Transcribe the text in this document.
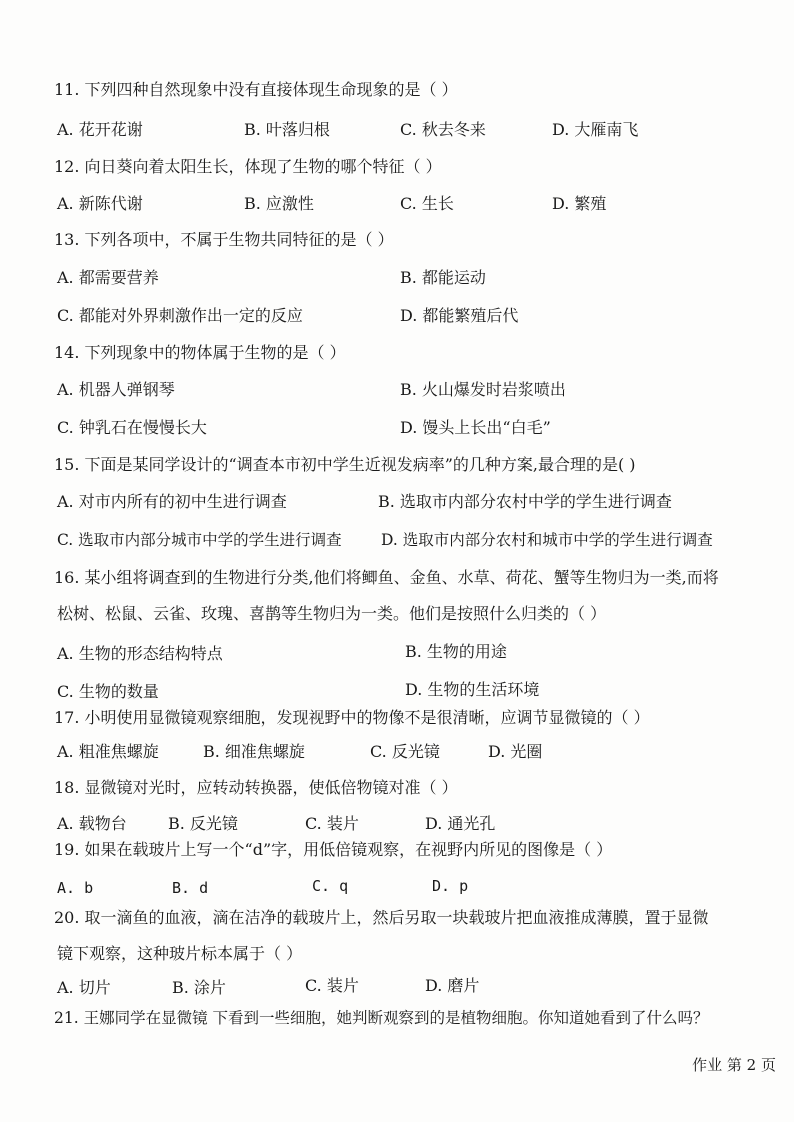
11. 下列四种自然现象中没有直接体现生命现象的是（ ）
A. 花开花谢	B. 叶落归根	C. 秋去冬来	D. 大雁南飞
12. 向日葵向着太阳生长，体现了生物的哪个特征（ ）
A. 新陈代谢	B. 应激性	C. 生长	D. 繁殖
13. 下列各项中，不属于生物共同特征的是（ ）
A. 都需要营养	B. 都能运动
C. 都能对外界刺激作出一定的反应	D. 都能繁殖后代
14. 下列现象中的物体属于生物的是（ ）
A. 机器人弹钢琴	B. 火山爆发时岩浆喷出
C. 钟乳石在慢慢长大	D. 馒头上长出“白毛”
15. 下面是某同学设计的“调查本市初中学生近视发病率”的几种方案,最合理的是( )
A. 对市内所有的初中生进行调查	B. 选取市内部分农村中学的学生进行调查
C. 选取市内部分城市中学的学生进行调查	D. 选取市内部分农村和城市中学的学生进行调查
16. 某小组将调查到的生物进行分类,他们将鲫鱼、金鱼、水草、荷花、蟹等生物归为一类,而将
松树、松鼠、云雀、玫瑰、喜鹊等生物归为一类。他们是按照什么归类的（ ）
A. 生物的形态结构特点	B. 生物的用途
C. 生物的数量	D. 生物的生活环境
17. 小明使用显微镜观察细胞，发现视野中的物像不是很清晰，应调节显微镜的（ ）
A. 粗准焦螺旋	B. 细准焦螺旋	C. 反光镜	D. 光圈
18. 显微镜对光时，应转动转换器，使低倍物镜对准（ ）
A. 载物台	B. 反光镜	C. 装片	D. 通光孔
19. 如果在载玻片上写一个“d”字，用低倍镜观察，在视野内所见的图像是（ ）
A. b	B. d	C. q	D. p
20. 取一滴鱼的血液，滴在洁净的载玻片上，然后另取一块载玻片把血液推成薄膜，置于显微
镜下观察，这种玻片标本属于（ ）
A. 切片	B. 涂片	C. 装片	D. 磨片
21. 王娜同学在显微镜 下看到一些细胞，她判断观察到的是植物细胞。你知道她看到了什么吗？
作业 第 2 页
